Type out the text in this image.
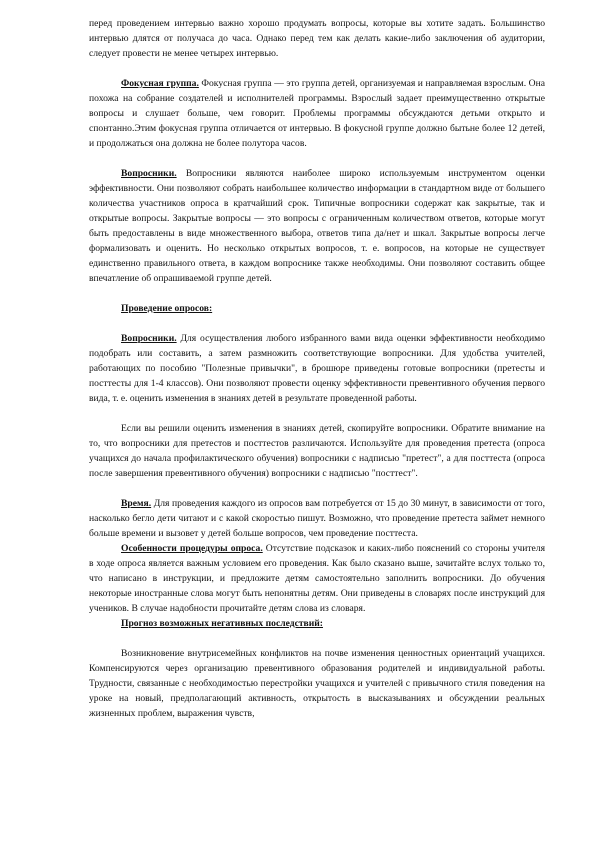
перед проведением интервью важно хорошо продумать вопросы, которые вы хотите задать. Большинство интервью длятся от получаса до часа. Однако перед тем как делать какие-либо заключения об аудитории, следует провести не менее четырех интервью.

Фокусная группа. Фокусная группа — это группа детей, организуемая и направляемая взрослым. Она похожа на собрание создателей и исполнителей программы. Взрослый задает преимущественно открытые вопросы и слушает больше, чем говорит. Проблемы программы обсуждаются детьми открыто и спонтанно.Этим фокусная группа отличается от интервью. В фокусной группе должно бытьне более 12 детей, и продолжаться она должна не более полутора часов.

Вопросники. Вопросники являются наиболее широко используемым инструментом оценки эффективности. Они позволяют собрать наибольшее количество информации в стандартном виде от большего количества участников опроса в кратчайший срок. Типичные вопросники содержат как закрытые, так и открытые вопросы. Закрытые вопросы — это вопросы с ограниченным количеством ответов, которые могут быть предоставлены в виде множественного выбора, ответов типа да/нет и шкал. Закрытые вопросы легче формализовать и оценить. Но несколько открытых вопросов, т. е. вопросов, на которые не существует единственно правильного ответа, в каждом вопроснике также необходимы. Они позволяют составить общее впечатление об опрашиваемой группе детей.

Проведение опросов:

Вопросники. Для осуществления любого избранного вами вида оценки эффективности необходимо подобрать или составить, а затем размножить соответствующие вопросники. Для удобства учителей, работающих по пособию "Полезные привычки", в брошюре приведены готовые вопросники (претесты и посттесты для 1-4 классов). Они позволяют провести оценку эффективности превентивного обучения первого вида, т. е. оценить изменения в знаниях детей в результате проведенной работы.

Если вы решили оценить изменения в знаниях детей, скопируйте вопросники. Обратите внимание на то, что вопросники для претестов и посттестов различаются. Используйте для проведения претеста (опроса учащихся до начала профилактического обучения) вопросники с надписью "претест", а для посттеста (опроса после завершения превентивного обучения) вопросники с надписью "посттест".

Время. Для проведения каждого из опросов вам потребуется от 15 до 30 минут, в зависимости от того, насколько бегло дети читают и с какой скоростью пишут. Возможно, что проведение претеста займет немного больше времени и вызовет у детей больше вопросов, чем проведение посттеста.

Особенности процедуры опроса. Отсутствие подсказок и каких-либо пояснений со стороны учителя в ходе опроса является важным условием его проведения. Как было сказано выше, зачитайте вслух только то, что написано в инструкции, и предложите детям самостоятельно заполнить вопросники. До обучения некоторые иностранные слова могут быть непонятны детям. Они приведены в словарях после инструкций для учеников. В случае надобности прочитайте детям слова из словаря.

Прогноз возможных негативных последствий:

Возникновение внутрисемейных конфликтов на почве изменения ценностных ориентаций учащихся. Компенсируются через организацию превентивного образования родителей и индивидуальной работы. Трудности, связанные с необходимостью перестройки учащихся и учителей с привычного стиля поведения на уроке на новый, предполагающий активность, открытость в высказываниях и обсуждении реальных жизненных проблем, выражения чувств,
